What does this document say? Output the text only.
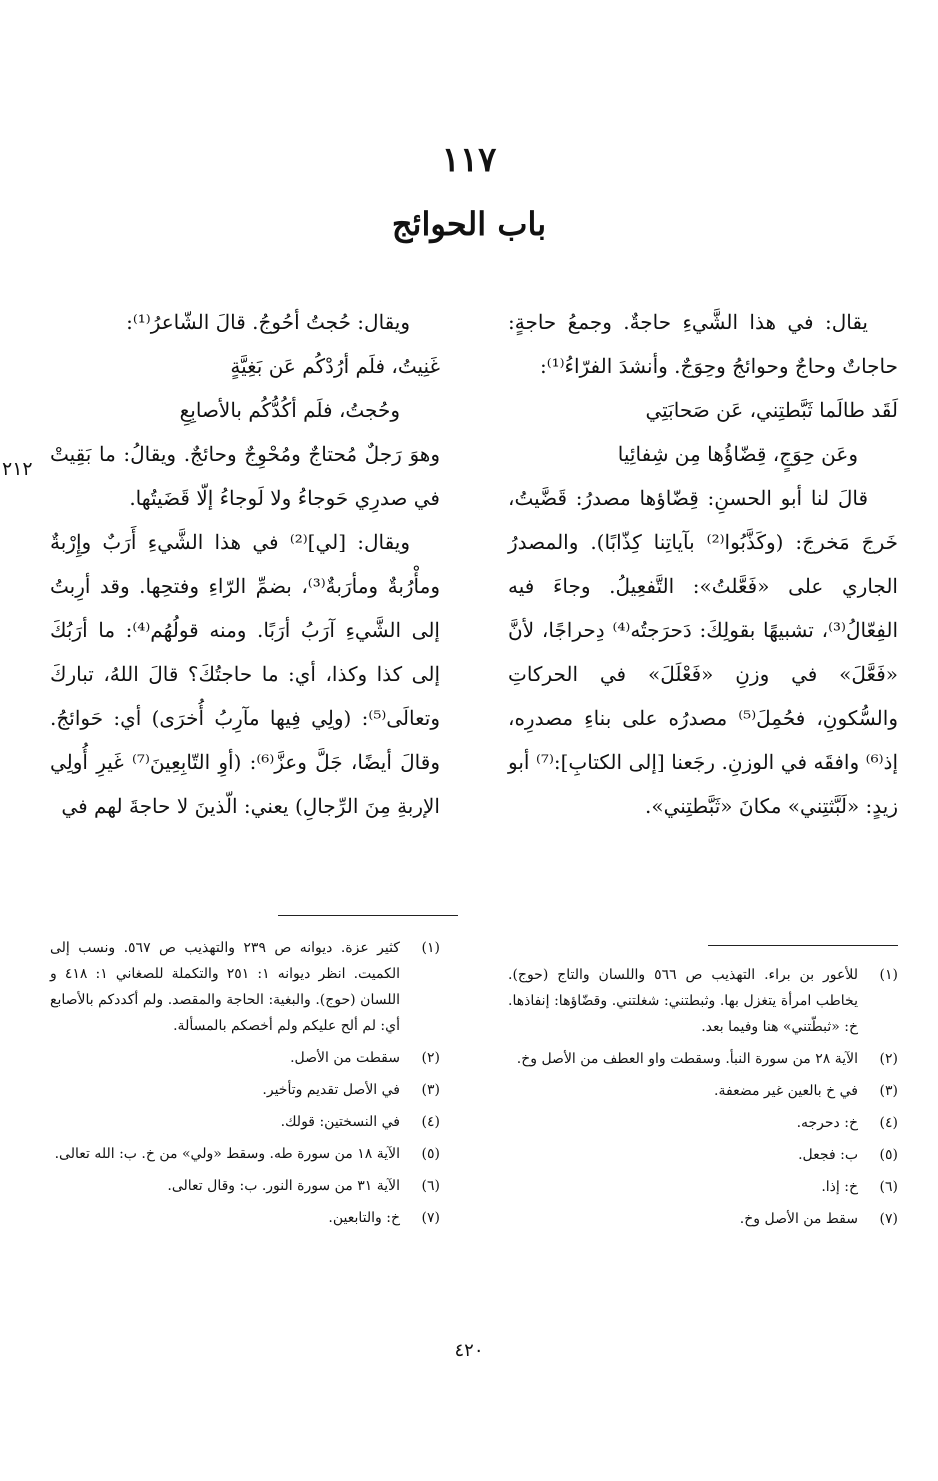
١١٧
باب الحوائج

يقال: في هذا الشَّيءِ حاجةٌ. وجمعُ حاجةٍ: حاجاتٌ وحاجٌ وحوائجُ وحِوَجٌ. وأنشدَ الفرّاءُ⁽¹⁾:

لَقَد طالَما ثَبَّطتِني، عَن صَحابَتِي
وعَن حِوَجٍ، قِضّاؤُها مِن شِفائِيا

قالَ لنا أبو الحسنِ: قِضّاؤها مصدرُ: قَضَّيتُ، خَرجَ مَخرجَ: (وكَذَّبُوا⁽²⁾ بآياتِنا كِذّابًا). والمصدرُ الجاري على «فَعَّلتُ»: التَّفعِيلُ. وجاءَ فيه الفِعّالُ⁽³⁾، تشبيهًا بقولِكَ: دَحرَجتُه⁽⁴⁾ دِحراجًا، لأنَّ «فَعَّلَ» في وزنِ «فَعْلَلَ» في الحركاتِ والسُّكونِ، فحُمِلَ⁽⁵⁾ مصدرُه على بناءِ مصدرِه، إذ⁽⁶⁾ وافقَه في الوزنِ. رجَعنا [إلى الكتابِ]:⁽⁷⁾ أبو زيدٍ: «لَبَّثتِني» مكانَ «ثَبَّطتِني».

ويقال: حُجتُ أحُوجُ. قالَ الشّاعرُ⁽¹⁾:

غَنِيتُ، فلَم أرُدْكُم عَن بَغِيَّةٍ
وحُجتُ، فلَم أكُدُّكُم بالأصابِعِ

وهوَ رَجلٌ مُحتاجٌ ومُحْوِجٌ وحائجٌ. ويقالُ: ما بَقِيتْ في صدرِي حَوجاءُ ولا لَوجاءُ إلّا قَضَيتُها.

ويقال: [لي]⁽²⁾ في هذا الشَّيءِ أَرَبٌ وإِرْبةٌ ومأْرُبةٌ ومأرَبةٌ⁽³⁾، بضمِّ الرّاءِ وفتحِها. وقد أرِبتُ إلى الشَّيءِ آرَبُ أرَبًا. ومنه قولُهُم⁽⁴⁾: ما أرَبُكَ إلى كذا وكذا، أي: ما حاجتُكَ؟ قالَ اللهُ، تباركَ وتعالَى⁽⁵⁾: (ولِي فِيها مآرِبُ أُخرَى) أي: حَوائجُ. وقالَ أيضًا، جَلَّ وعزَّ⁽⁶⁾: (أوِ التّابِعِينَ⁽⁷⁾ غَيرِ أُولِي الإربةِ مِنَ الرِّجالِ) يعني: الّذينَ لا حاجةَ لهم في

٢١٢
(١)
للأعور بن براء. التهذيب ص ٥٦٦ واللسان والتاج (حوج). يخاطب امرأة يتغزل بها. وثبطتني: شغلتني. وقضّاؤها: إنفاذها. خ: «ثبطّتني» هنا وفيما بعد.
(٢)
الآية ٢٨ من سورة النبأ. وسقطت واو العطف من الأصل وخ.
(٣)
في خ بالعين غير مضعفة.
(٤)
خ: دحرجه.
(٥)
ب: فجعل.
(٦)
خ: إذا.
(٧)
سقط من الأصل وخ.
(١)
كثير عزة. ديوانه ص ٢٣٩ والتهذيب ص ٥٦٧. ونسب إلى الكميت. انظر ديوانه ١: ٢٥١ والتكملة للصغاني ١: ٤١٨ و اللسان (حوج). والبغية: الحاجة والمقصد. ولم أكددكم بالأصابع أي: لم ألح عليكم ولم أخصكم بالمسألة.
(٢)
سقطت من الأصل.
(٣)
في الأصل تقديم وتأخير.
(٤)
في النسختين: قولك.
(٥)
الآية ١٨ من سورة طه. وسقط «ولي» من خ. ب: الله تعالى.
(٦)
الآية ٣١ من سورة النور. ب: وقال تعالى.
(٧)
خ: والتابعين.
٤٢٠
